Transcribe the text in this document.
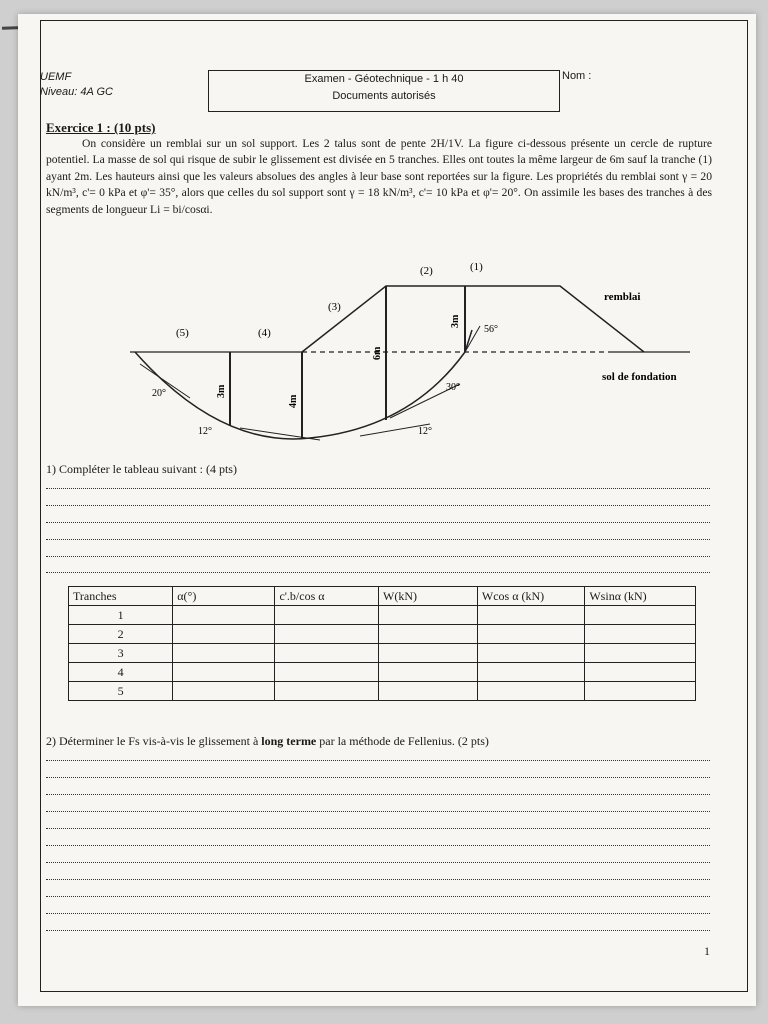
UEMF
Niveau: 4A GC
Examen - Géotechnique - 1 h 40
Documents autorisés
Nom :
Exercice 1 : (10 pts)
On considère un remblai sur un sol support. Les 2 talus sont de pente 2H/1V. La figure ci-dessous présente un cercle de rupture potentiel. La masse de sol qui risque de subir le glissement est divisée en 5 tranches. Elles ont toutes la même largeur de 6m sauf la tranche (1) ayant 2m. Les hauteurs ainsi que les valeurs absolues des angles à leur base sont reportées sur la figure. Les propriétés du remblai sont γ = 20 kN/m³, c'= 0 kPa et φ'= 35°, alors que celles du sol support sont γ = 18 kN/m³, c'= 10 kPa et φ'= 20°. On assimile les bases des tranches à des segments de longueur Li = bi/cosαi.
(1)
(2)
(3)
(4)
(5)
3m
6m
4m
3m
56°
30°
20°
12°	12°
remblai
sol de fondation
1) Compléter le tableau suivant : (4 pts)
Tranches	α(°)	c'.b/cos α	W(kN)	Wcos α (kN)	Wsinα (kN)
1					
2					
3					
4					
5					
2) Déterminer le Fs vis-à-vis le glissement à long terme par la méthode de Fellenius. (2 pts)
1
